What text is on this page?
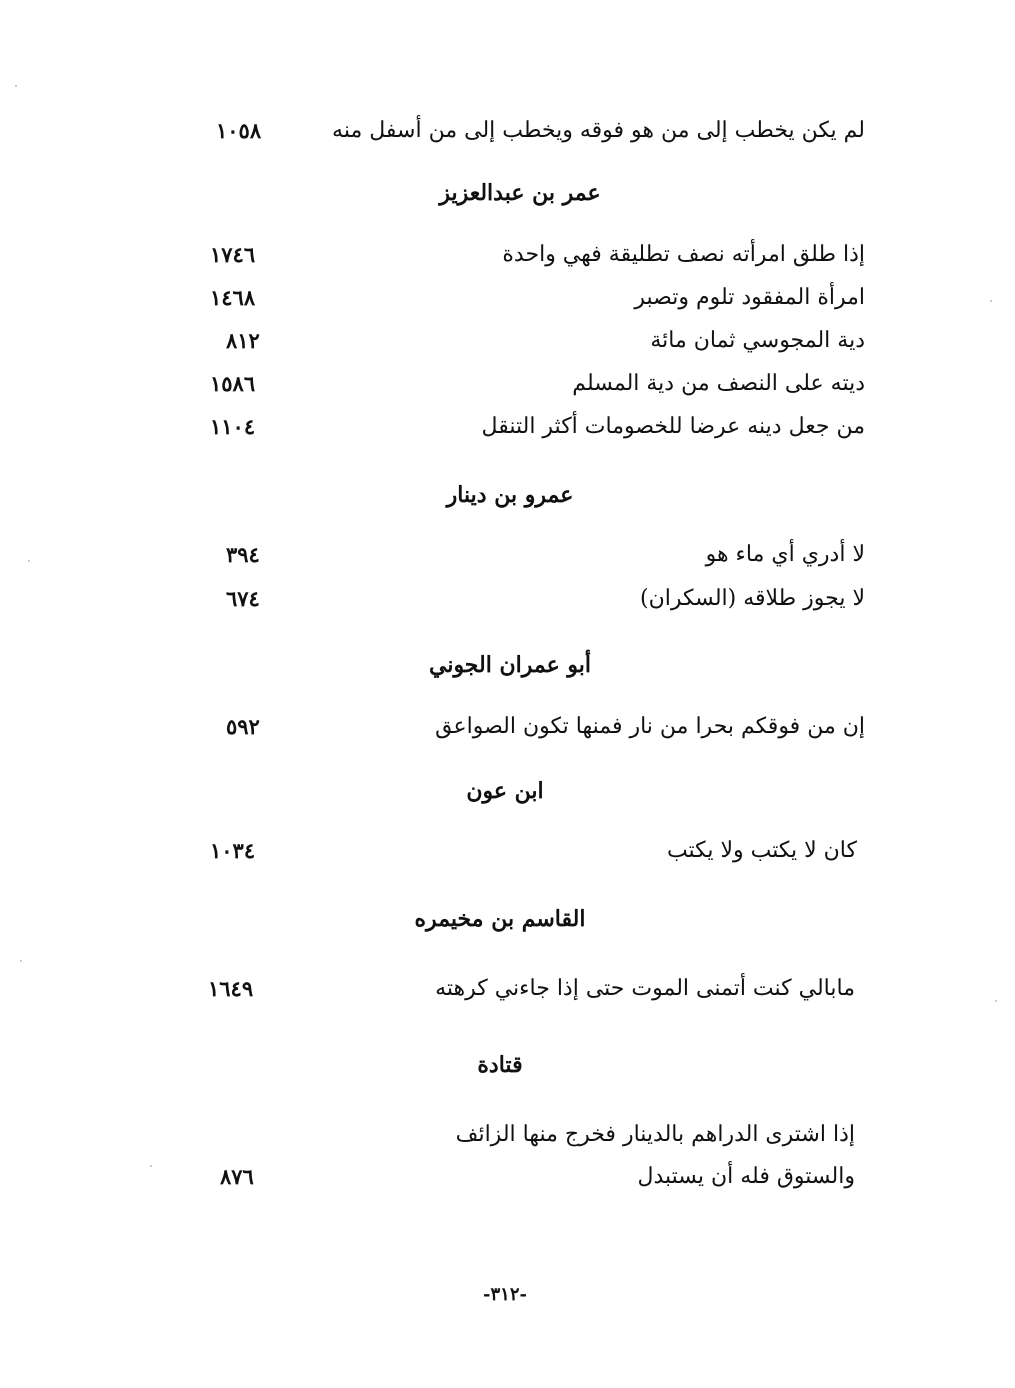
لم يكن يخطب إلى من هو فوقه ويخطب إلى من أسفل منه
١٠٥٨
عمر بن عبدالعزيز
إذا طلق امرأته نصف تطليقة فهي واحدة
١٧٤٦
امرأة المفقود تلوم وتصبر
١٤٦٨
دية المجوسي ثمان مائة
٨١٢
ديته على النصف من دية المسلم
١٥٨٦
من جعل دينه عرضا للخصومات أكثر التنقل
١١٠٤
عمرو بن دينار
لا أدري أي ماء هو
٣٩٤
لا يجوز طلاقه (السكران)
٦٧٤
أبو عمران الجوني
إن من فوقكم بحرا من نار فمنها تكون الصواعق
٥٩٢
ابن عون
كان لا يكتب ولا يكتب
١٠٣٤
القاسم بن مخيمره
مابالي كنت أتمنى الموت حتى إذا جاءني كرهته
١٦٤٩
قتادة
إذا اشترى الدراهم بالدينار فخرج منها الزائف
والستوق فله أن يستبدل
٨٧٦
-٣١٢-
